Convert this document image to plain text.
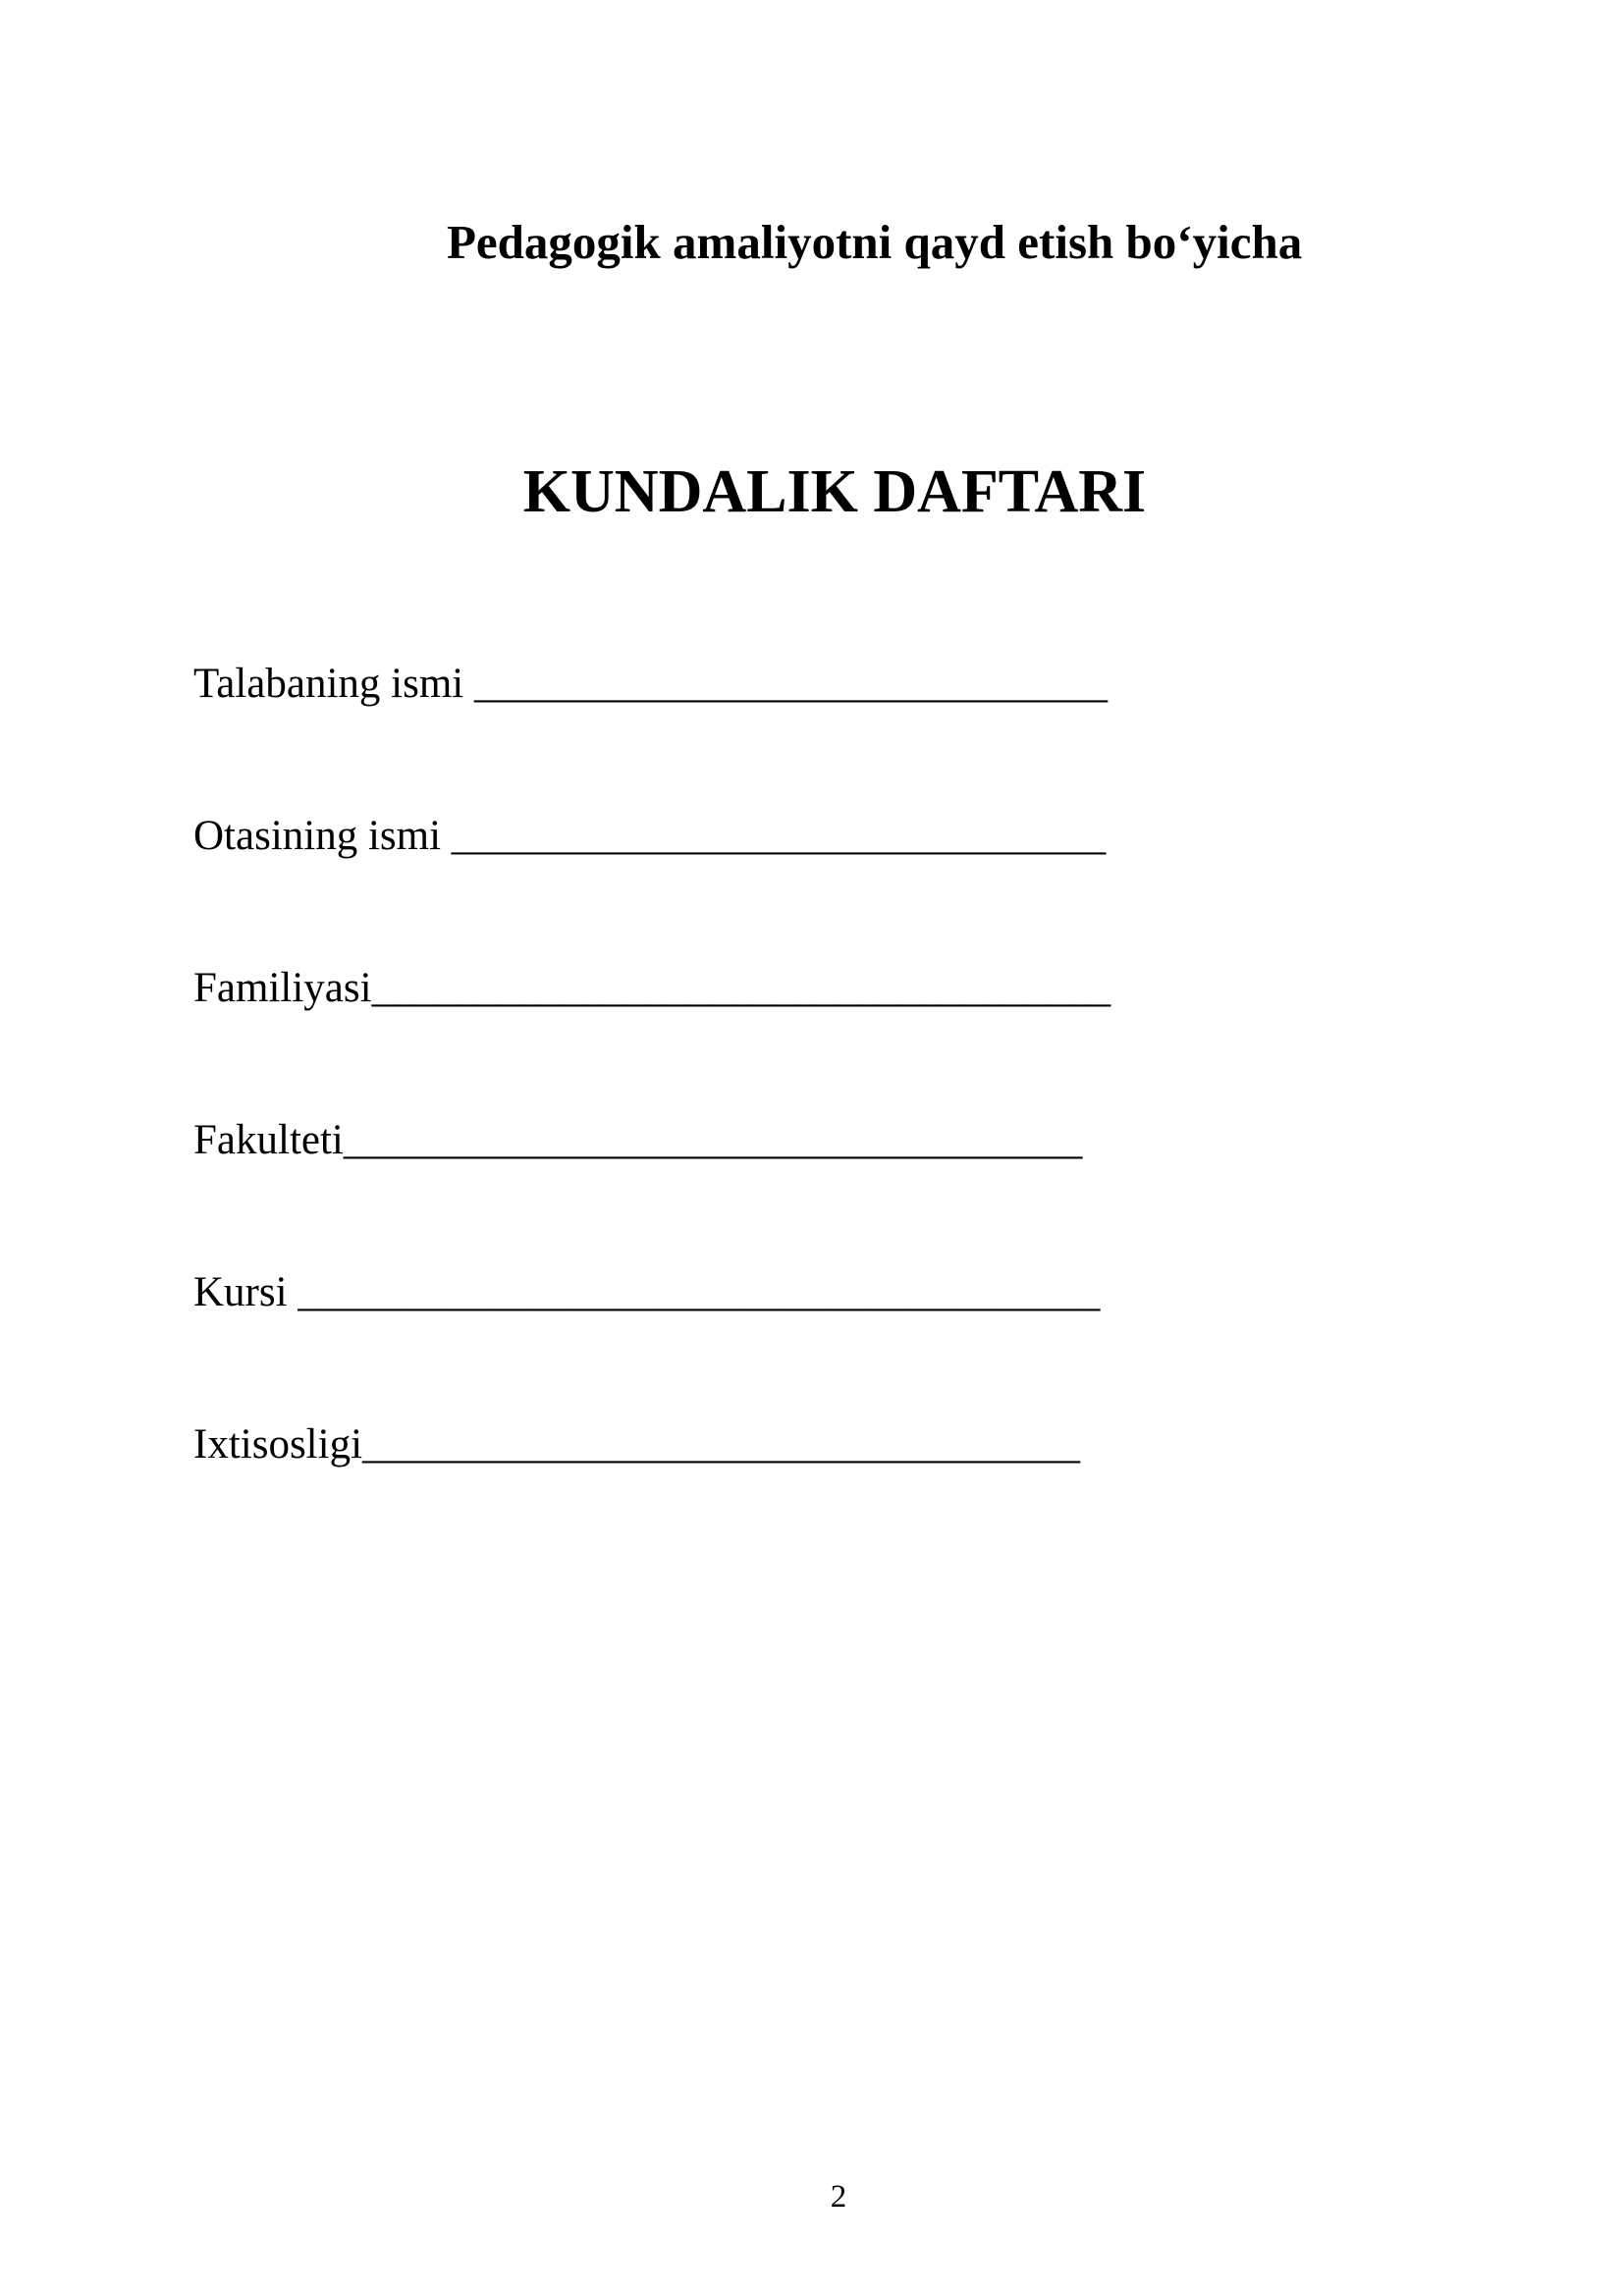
Pedagogik amaliyotni qayd etish bo‘yicha
KUNDALIK DAFTARI
Talabaning ismi ______________________________
Otasining ismi _______________________________
Familiyasi___________________________________
Fakulteti___________________________________
Kursi ______________________________________
Ixtisosligi__________________________________
2
